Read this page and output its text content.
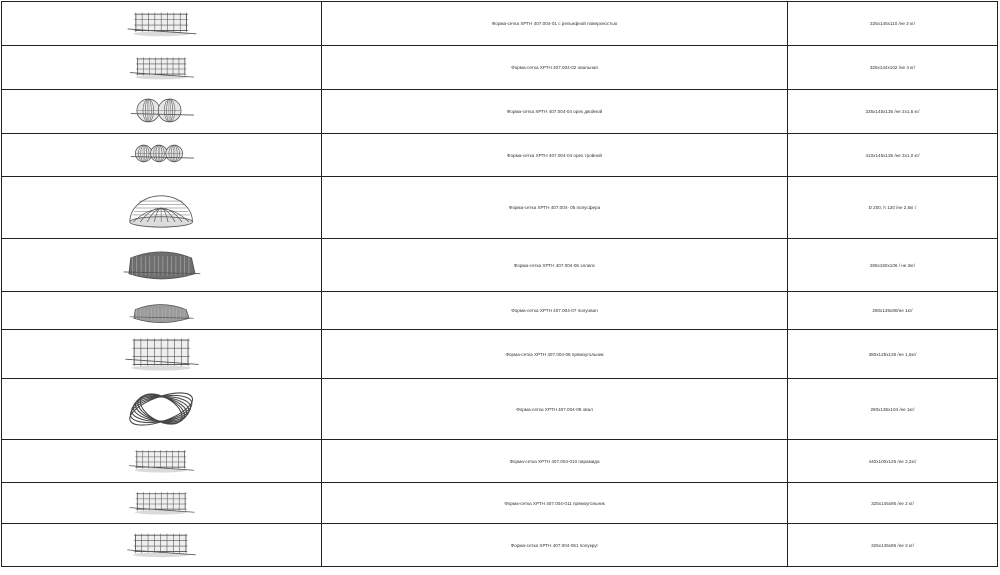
	Форма-сетка ХРТН 407.004-01 с рельефной поверхностью	325x145x110 /не 3 кг/

	Форма-сетка ХРТН 407.004-02 овальная	325x144x102 /не 4 кг/

	Форма-сетка ХРТН 407.004-04 орех двойной	335x145x135 /не 2х1,5 кг/

	Форма-сетка ХРТН 407.004-04 орех тройной	410x145x135 /не 3х1,0 кг/

	Форма-сетка ХРТН 407.004- 05 полусфера	D 200, h 120 /не 2,5кг /

	Форма-сетка ХРТН 407.004-06 эллипс	285x150x106 / не 2кг/

	Форма-сетка ХРТН 407.004-07 полуовал	280x135x80/не 1кг/

	Форма-сетка ХРТН 407.004-08 прямоугольник	350x125x135 /не 1,5кг/

	Форма-сетка ХРТН 407.004-09 овал	280x135x104 /не 1кг/

	Форма-сетка ХРТН 407.004-010 пирамида	440x100x125 /не 2,2кг/

	Форма-сетка ХРТН 407.004-011 прямоугольник	325x145x95 /не 2 кг/

	Форма-сетка ХРТН 407.004-051 полукруг	325x145x95 /не 3 кг/
